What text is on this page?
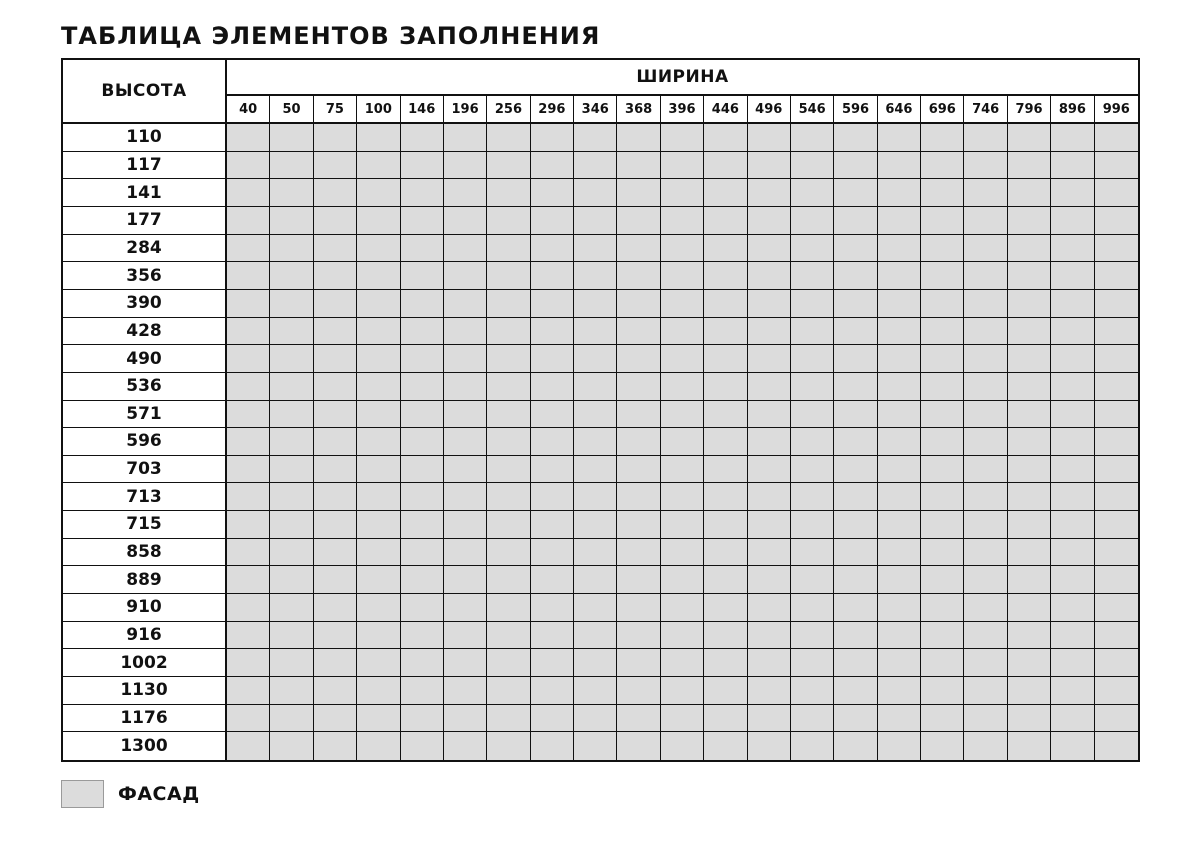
ТАБЛИЦА ЭЛЕМЕНТОВ ЗАПОЛНЕНИЯ
ВЫСОТА
ШИРИНА
40	50	75	100	146	196	256	296	346	368	396	446	496	546	596	646	696	746	796	896	996
110
117
141
177
284
356
390
428
490
536
571
596
703
713
715
858
889
910
916
1002
1130
1176
1300
ФАСАД
